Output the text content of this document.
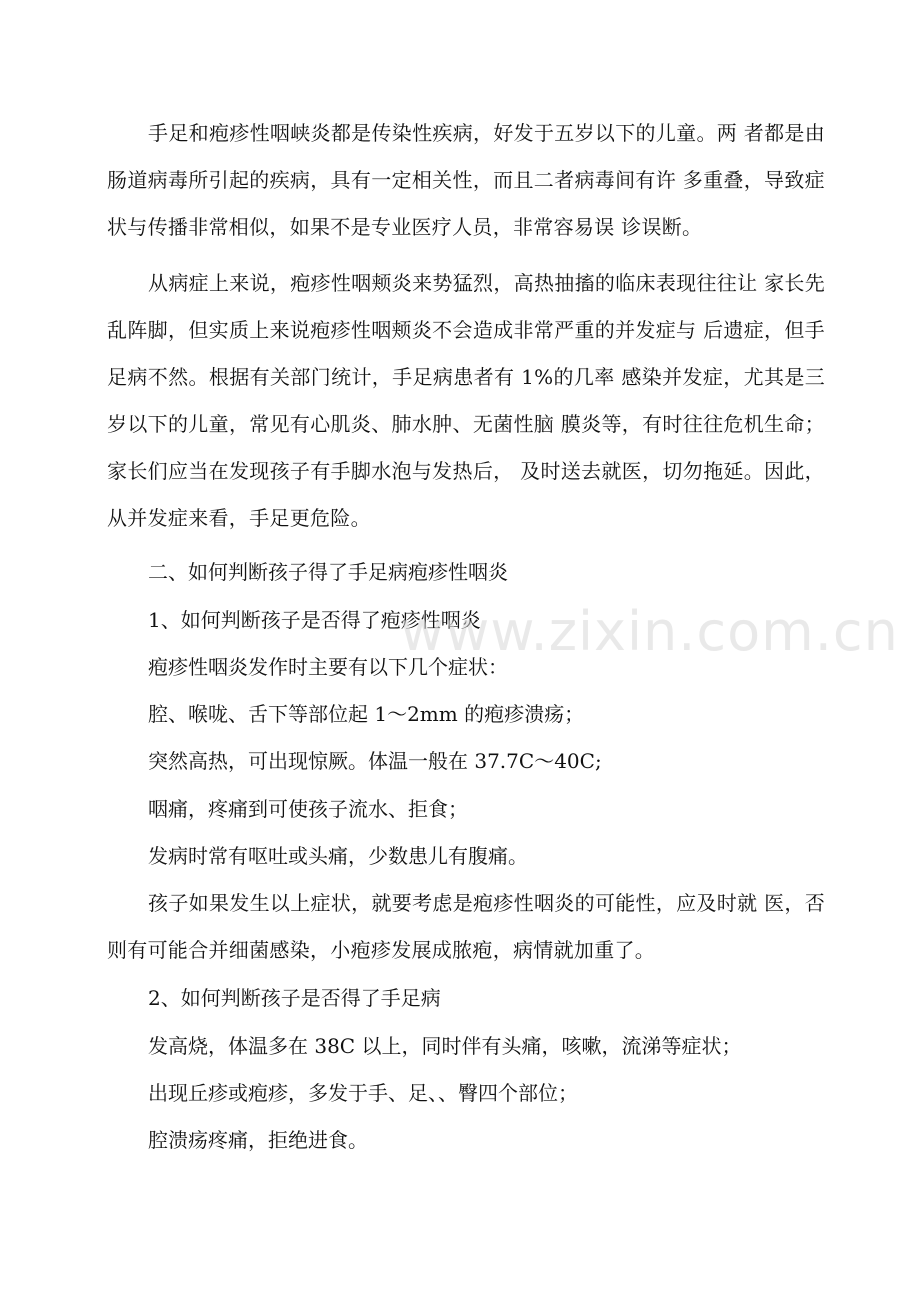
手足和疱疹性咽峡炎都是传染性疾病，好发于五岁以下的儿童。两 者都是由肠道病毒所引起的疾病，具有一定相关性，而且二者病毒间有许 多重叠，导致症状与传播非常相似，如果不是专业医疗人员，非常容易误 诊误断。

从病症上来说，疱疹性咽颊炎来势猛烈，高热抽搐的临床表现往往让 家长先乱阵脚，但实质上来说疱疹性咽颊炎不会造成非常严重的并发症与 后遗症，但手足病不然。根据有关部门统计，手足病患者有 1%的几率 感染并发症，尤其是三岁以下的儿童，常见有心肌炎、肺水肿、无菌性脑 膜炎等，有时往往危机生命；家长们应当在发现孩子有手脚水泡与发热后， 及时送去就医，切勿拖延。因此，从并发症来看，手足更危险。

二、如何判断孩子得了手足病疱疹性咽炎

1、如何判断孩子是否得了疱疹性咽炎

疱疹性咽炎发作时主要有以下几个症状：

腔、喉咙、舌下等部位起 1～2mm 的疱疹溃疡；

突然高热，可出现惊厥。体温一般在 37.7C～40C;

咽痛，疼痛到可使孩子流水、拒食；

发病时常有呕吐或头痛，少数患儿有腹痛。

孩子如果发生以上症状，就要考虑是疱疹性咽炎的可能性，应及时就 医，否则有可能合并细菌感染，小疱疹发展成脓疱，病情就加重了。

2、如何判断孩子是否得了手足病

发高烧，体温多在 38C 以上，同时伴有头痛，咳嗽，流涕等症状；

出现丘疹或疱疹，多发于手、足、、臀四个部位；

腔溃疡疼痛，拒绝进食。

www.zixin.com.cn
